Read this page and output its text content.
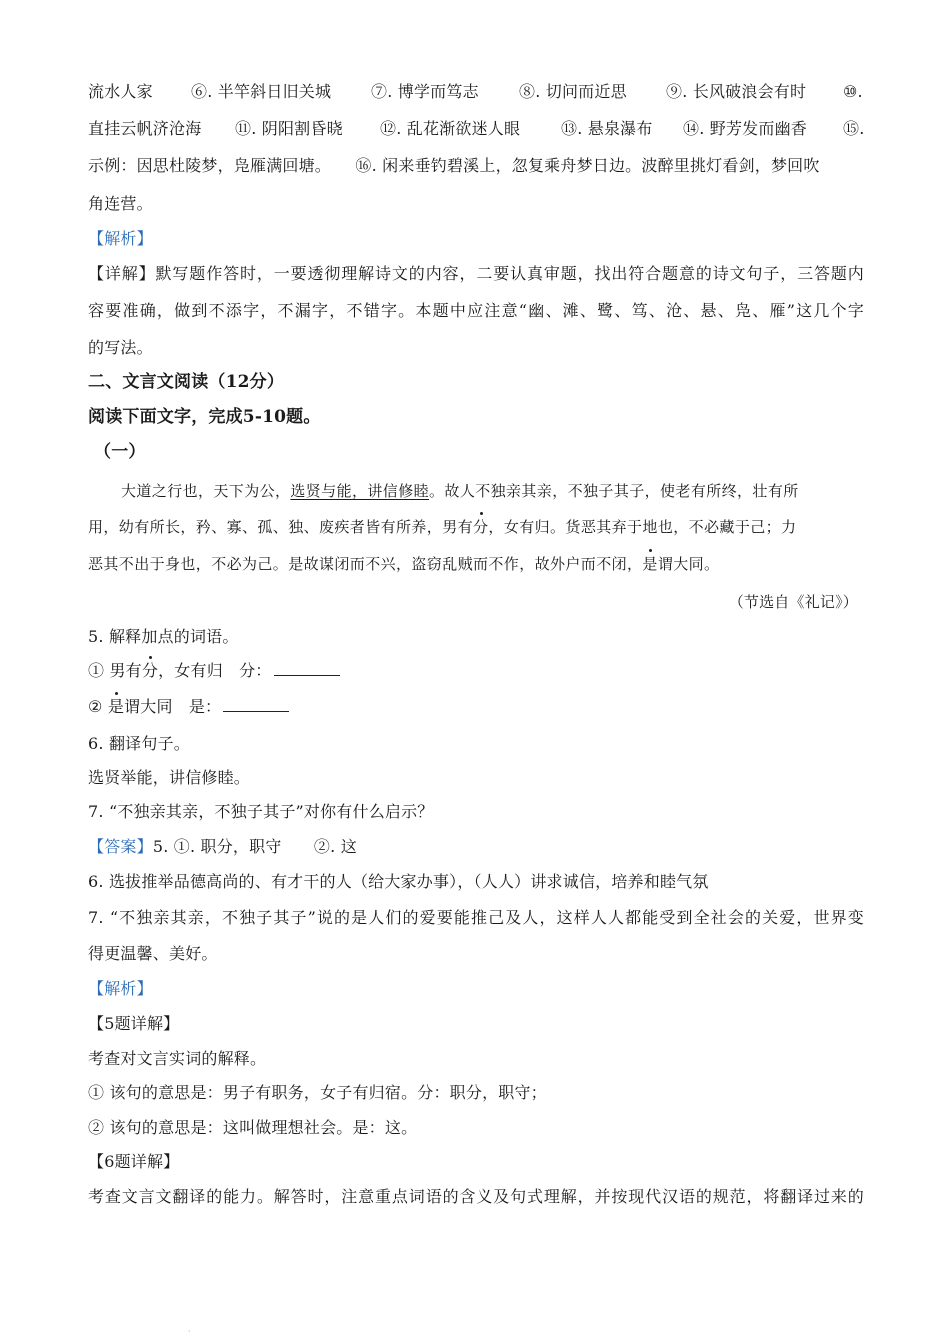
流水人家 ⑥. 半竿斜日旧关城 ⑦. 博学而笃志	⑧. 切问而近思 ⑨. 长风破浪会有时 ⑩.
直挂云帆济沧海 ⑪. 阴阳割昏晓 ⑫. 乱花渐欲迷人眼	⑬. 悬泉瀑布 ⑭. 野芳发而幽香 ⑮.
示例：因思杜陵梦，凫雁满回塘。　　⑯. 闲来垂钓碧溪上，忽复乘舟梦日边。波醉里挑灯看剑，梦回吹
角连营。
【解析】
【详解】默写题作答时，一要透彻理解诗文的内容，二要认真审题，找出符合题意的诗文句子，三答题内
容要准确，做到不添字，不漏字，不错字。本题中应注意“幽、滩、鹭、笃、沧、悬、凫、雁”这几个字
的写法。
二、文言文阅读（12分）
阅读下面文字，完成5-10题。
（一）
大道之行也，天下为公，选贤与能，讲信修睦。故人不独亲其亲，不独子其子，使老有所终，壮有所
用，幼有所长，矜、寡、孤、独、废疾者皆有所养，男有分，女有归。货恶其弃于地也，不必藏于己；力
恶其不出于身也，不必为己。是故谋闭而不兴，盗窃乱贼而不作，故外户而不闭，是谓大同。
（节选自《礼记》）
5. 解释加点的词语。
① 男有分，女有归　分：
② 是谓大同　是：
6. 翻译句子。
选贤举能，讲信修睦。
7. “不独亲其亲，不独子其子”对你有什么启示？
【答案】5. ①. 职分，职守　　②. 这
6. 选拔推举品德高尚的、有才干的人（给大家办事），（人人）讲求诚信，培养和睦气氛
7. “不独亲其亲，不独子其子”说的是人们的爱要能推己及人，这样人人都能受到全社会的关爱，世界变
得更温馨、美好。
【解析】
【5题详解】
考查对文言实词的解释。
① 该句的意思是：男子有职务，女子有归宿。分：职分，职守；
② 该句的意思是：这叫做理想社会。是：这。
【6题详解】
考查文言文翻译的能力。解答时，注意重点词语的含义及句式理解，并按现代汉语的规范，将翻译过来的
·
